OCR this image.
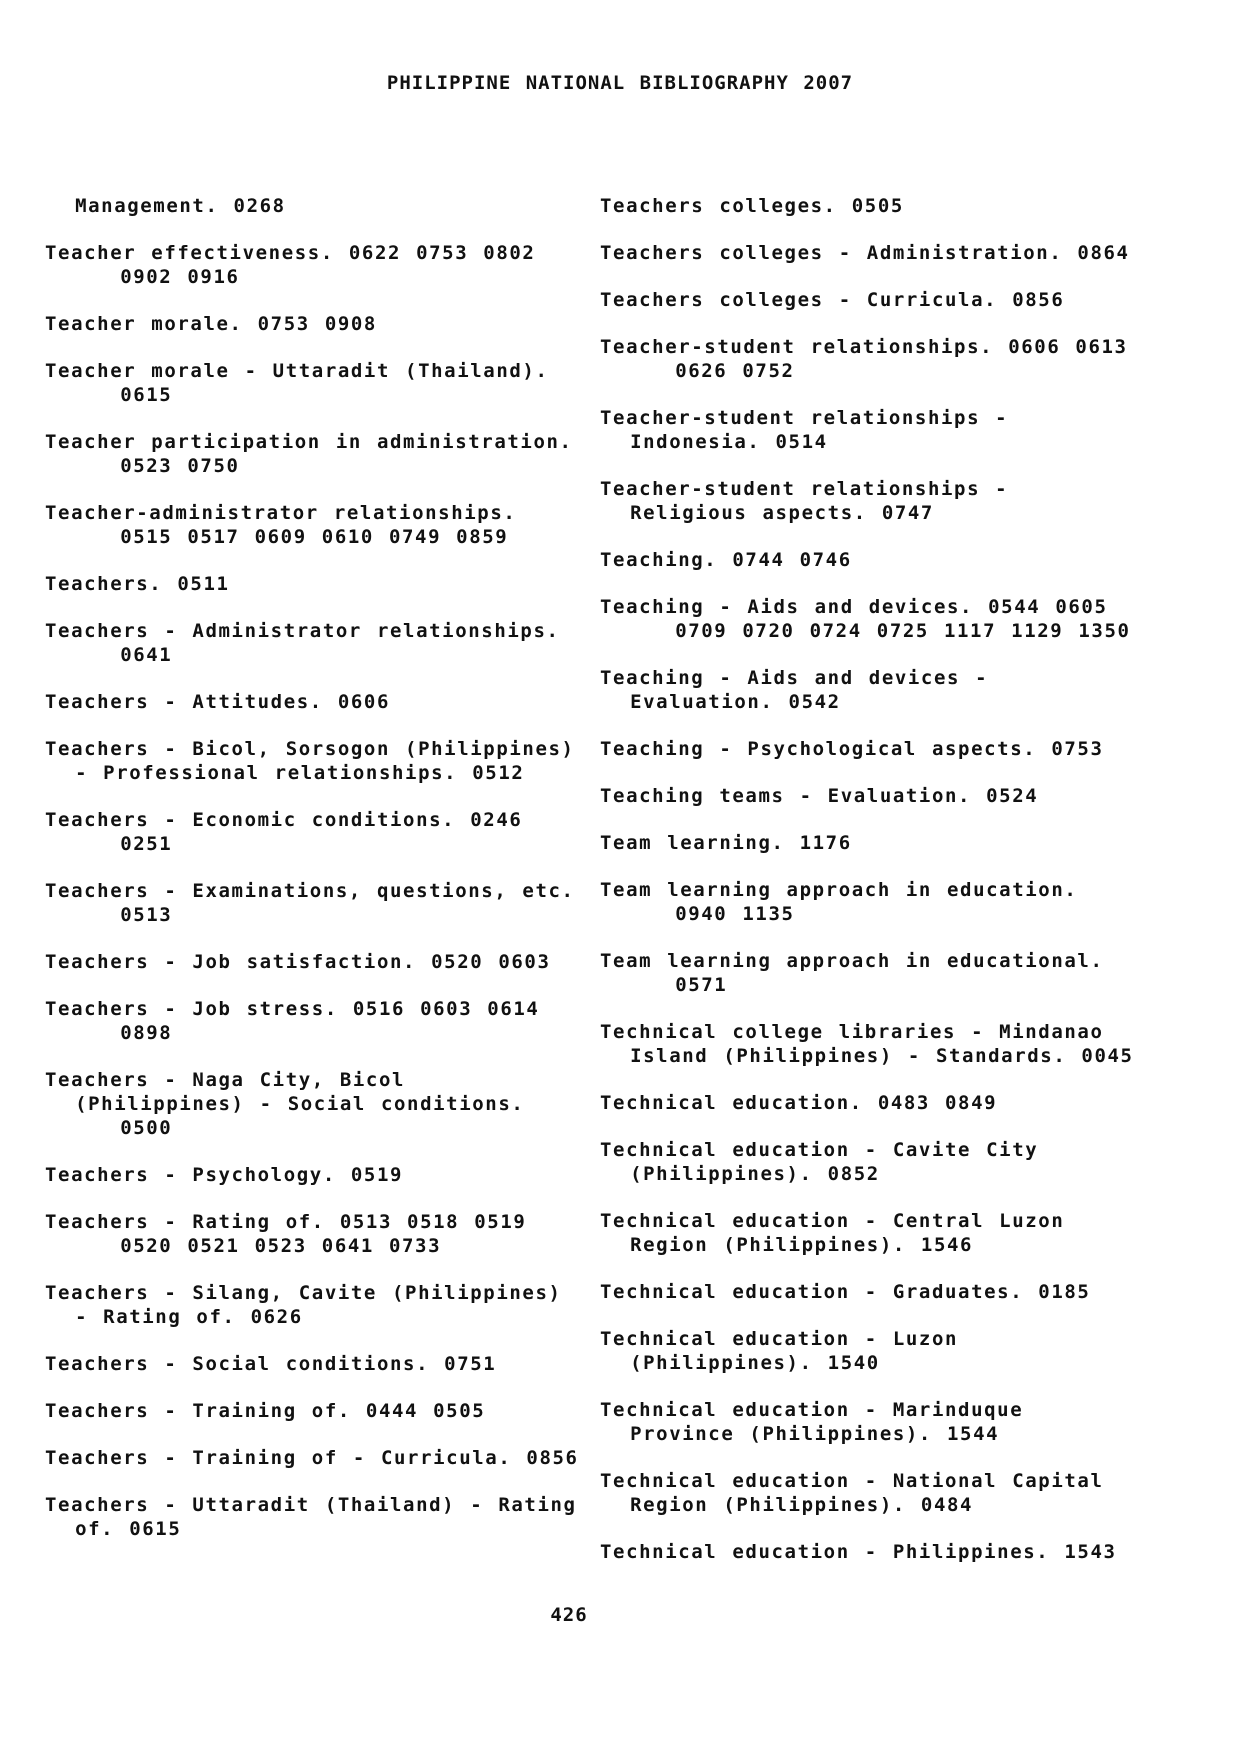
PHILIPPINE NATIONAL BIBLIOGRAPHY 2007
Management. 0268
Teacher effectiveness. 0622 0753 0802
0902 0916
Teacher morale. 0753 0908
Teacher morale - Uttaradit (Thailand).
0615
Teacher participation in administration.
0523 0750
Teacher-administrator relationships.
0515 0517 0609 0610 0749 0859
Teachers. 0511
Teachers - Administrator relationships.
0641
Teachers - Attitudes. 0606
Teachers - Bicol, Sorsogon (Philippines)
- Professional relationships. 0512
Teachers - Economic conditions. 0246
0251
Teachers - Examinations, questions, etc.
0513
Teachers - Job satisfaction. 0520 0603
Teachers - Job stress. 0516 0603 0614
0898
Teachers - Naga City, Bicol
(Philippines) - Social conditions.
0500
Teachers - Psychology. 0519
Teachers - Rating of. 0513 0518 0519
0520 0521 0523 0641 0733
Teachers - Silang, Cavite (Philippines)
- Rating of. 0626
Teachers - Social conditions. 0751
Teachers - Training of. 0444 0505
Teachers - Training of - Curricula. 0856
Teachers - Uttaradit (Thailand) - Rating
of. 0615
Teachers colleges. 0505
Teachers colleges - Administration. 0864
Teachers colleges - Curricula. 0856
Teacher-student relationships. 0606 0613
0626 0752
Teacher-student relationships -
Indonesia. 0514
Teacher-student relationships -
Religious aspects. 0747
Teaching. 0744 0746
Teaching - Aids and devices. 0544 0605
0709 0720 0724 0725 1117 1129 1350
Teaching - Aids and devices -
Evaluation. 0542
Teaching - Psychological aspects. 0753
Teaching teams - Evaluation. 0524
Team learning. 1176
Team learning approach in education.
0940 1135
Team learning approach in educational.
0571
Technical college libraries - Mindanao
Island (Philippines) - Standards. 0045
Technical education. 0483 0849
Technical education - Cavite City
(Philippines). 0852
Technical education - Central Luzon
Region (Philippines). 1546
Technical education - Graduates. 0185
Technical education - Luzon
(Philippines). 1540
Technical education - Marinduque
Province (Philippines). 1544
Technical education - National Capital
Region (Philippines). 0484
Technical education - Philippines. 1543
426
